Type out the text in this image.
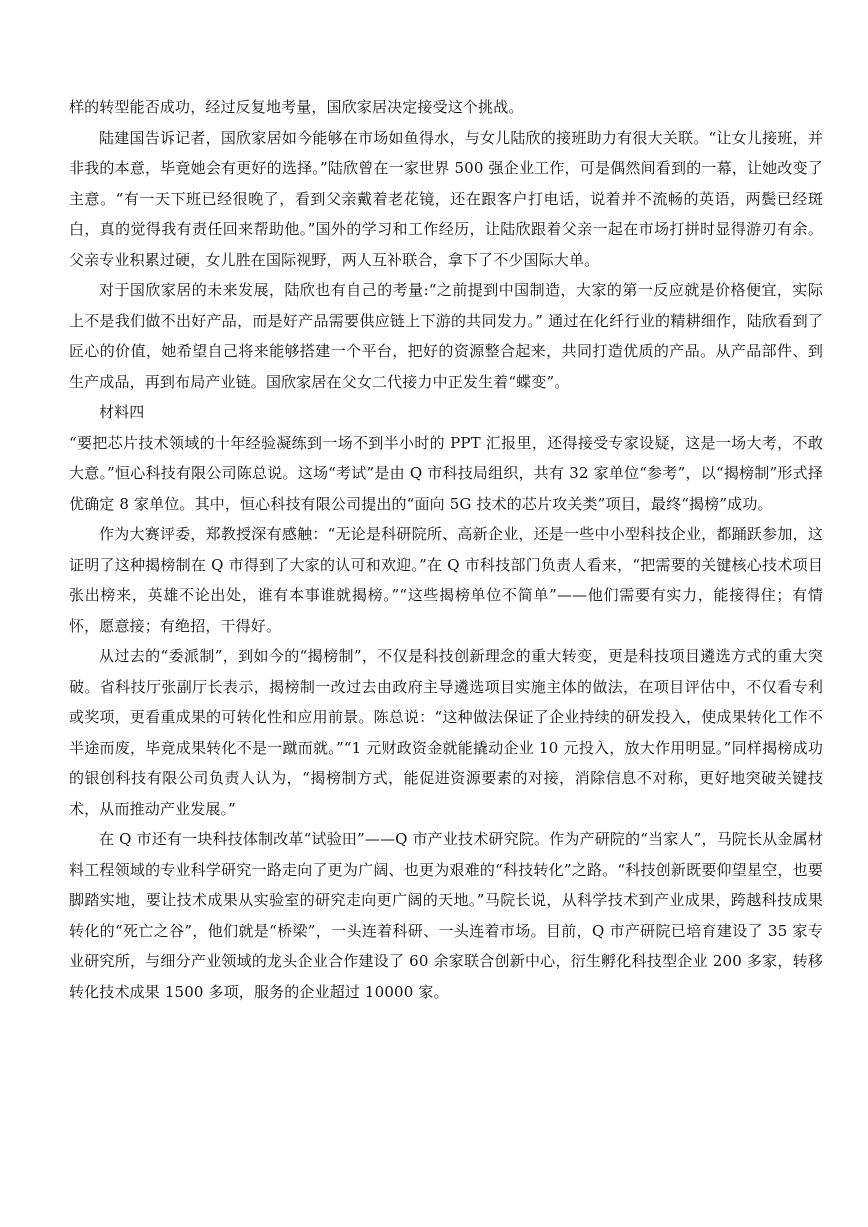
样的转型能否成功，经过反复地考量，国欣家居决定接受这个挑战。

陆建国告诉记者，国欣家居如今能够在市场如鱼得水，与女儿陆欣的接班助力有很大关联。“让女儿接班，并非我的本意，毕竟她会有更好的选择。”陆欣曾在一家世界 500 强企业工作，可是偶然间看到的一幕，让她改变了主意。“有一天下班已经很晚了，看到父亲戴着老花镜，还在跟客户打电话，说着并不流畅的英语，两鬓已经斑白，真的觉得我有责任回来帮助他。”国外的学习和工作经历，让陆欣跟着父亲一起在市场打拼时显得游刃有余。父亲专业积累过硬，女儿胜在国际视野，两人互补联合，拿下了不少国际大单。

对于国欣家居的未来发展，陆欣也有自己的考量:“之前提到中国制造，大家的第一反应就是价格便宜，实际上不是我们做不出好产品，而是好产品需要供应链上下游的共同发力。” 通过在化纤行业的精耕细作，陆欣看到了匠心的价值，她希望自己将来能够搭建一个平台，把好的资源整合起来，共同打造优质的产品。从产品部件、到生产成品，再到布局产业链。国欣家居在父女二代接力中正发生着“蝶变”。

材料四

“要把芯片技术领域的十年经验凝练到一场不到半小时的 PPT 汇报里，还得接受专家设疑，这是一场大考，不敢大意。”恒心科技有限公司陈总说。这场“考试”是由 Q 市科技局组织，共有 32 家单位“参考”，以“揭榜制”形式择优确定 8 家单位。其中，恒心科技有限公司提出的“面向 5G 技术的芯片攻关类”项目，最终“揭榜”成功。

作为大赛评委，郑教授深有感触：“无论是科研院所、高新企业，还是一些中小型科技企业，都踊跃参加，这证明了这种揭榜制在 Q 市得到了大家的认可和欢迎。”在 Q 市科技部门负责人看来，“把需要的关键核心技术项目张出榜来，英雄不论出处，谁有本事谁就揭榜。”“这些揭榜单位不简单”——他们需要有实力，能接得住；有情怀，愿意接；有绝招，干得好。

从过去的“委派制”，到如今的“揭榜制”，不仅是科技创新理念的重大转变，更是科技项目遴选方式的重大突破。省科技厅张副厅长表示，揭榜制一改过去由政府主导遴选项目实施主体的做法，在项目评估中，不仅看专利或奖项，更看重成果的可转化性和应用前景。陈总说：“这种做法保证了企业持续的研发投入，使成果转化工作不半途而废，毕竟成果转化不是一蹴而就。”“1 元财政资金就能撬动企业 10 元投入，放大作用明显。”同样揭榜成功的银创科技有限公司负责人认为，“揭榜制方式，能促进资源要素的对接，消除信息不对称，更好地突破关键技术，从而推动产业发展。”

在 Q 市还有一块科技体制改革“试验田”——Q 市产业技术研究院。作为产研院的“当家人”，马院长从金属材料工程领域的专业科学研究一路走向了更为广阔、也更为艰难的“科技转化”之路。“科技创新既要仰望星空，也要脚踏实地，要让技术成果从实验室的研究走向更广阔的天地。”马院长说，从科学技术到产业成果，跨越科技成果转化的“死亡之谷”，他们就是“桥梁”，一头连着科研、一头连着市场。目前，Q 市产研院已培育建设了 35 家专业研究所，与细分产业领域的龙头企业合作建设了 60 余家联合创新中心，衍生孵化科技型企业 200 多家，转移转化技术成果 1500 多项，服务的企业超过 10000 家。
